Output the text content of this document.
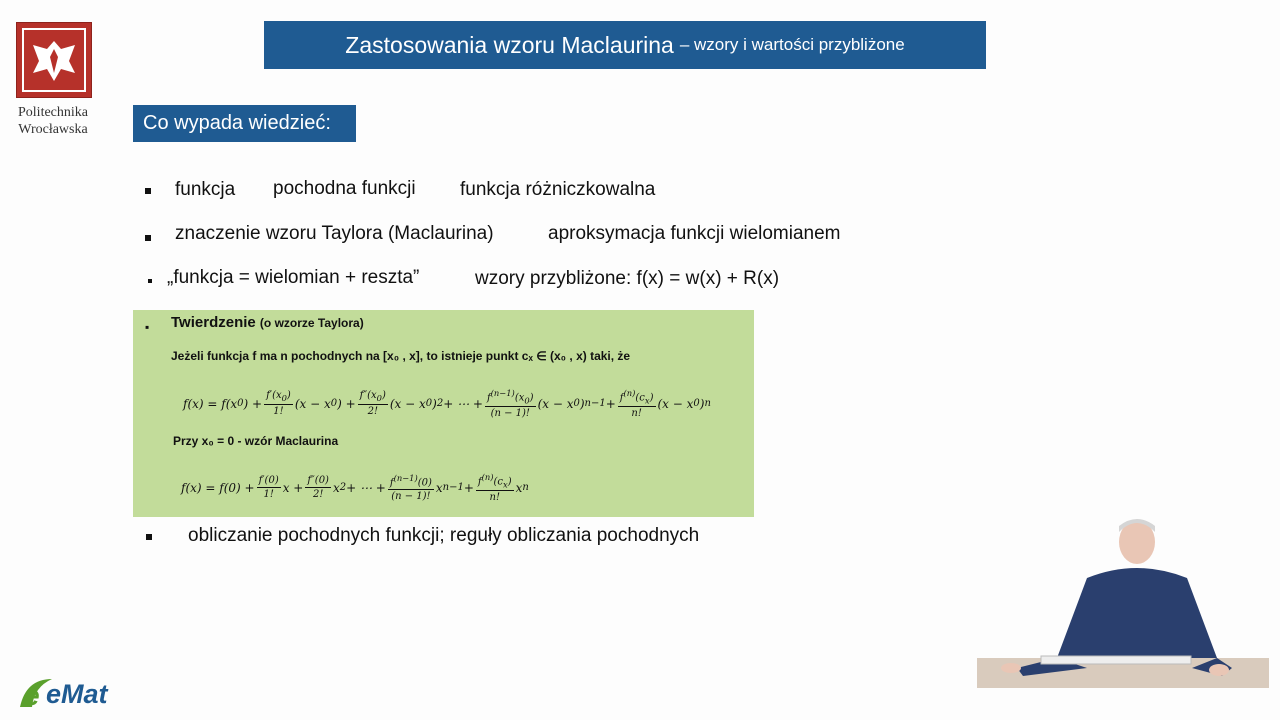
Politechnika
Wrocławska
Zastosowania wzoru Maclaurina – wzory i wartości przybliżone
Co wypada wiedzieć:
funkcja pochodna funkcji funkcja różniczkowalna
znaczenie wzoru Taylora (Maclaurina)	aproksymacja funkcji wielomianem
„funkcja = wielomian + reszta”	wzory przybliżone: f(x) = w(x) + R(x)
▪ Twierdzenie (o wzorze Taylora)
Jeżeli funkcja f ma n pochodnych na [x₀ , x], to istnieje punkt cₓ ∈ (x₀ , x) taki, że
f(x) = f(x 0 ) + $\frac{f'(x_0)}{1!} (x - x$ 0 ) + $\frac{f''(x_0)}{2!} (x - x$ 0 ) 2 + ⋯ + $\frac{f^{(n-1)}(x_0)}{(n - 1)!} (x - x$ 0 ) $n-1 + \frac{f^{(n)}(c_x)}{n!} (x - x$ 0 ) n
Przy x₀ = 0 - wzór Maclaurina
$f(x) = f(0) + \frac{f'(0)}{1!}$ $x + \frac{f''(0)}{2!}$ x 2 + ⋯ + $\frac{f^{(n-1)}(0)}{(n - 1)!}$ x $n-1 + \frac{f^{(n)}(c_x)}{n!}$ x n
obliczanie pochodnych funkcji; reguły obliczania pochodnych
e eMat
